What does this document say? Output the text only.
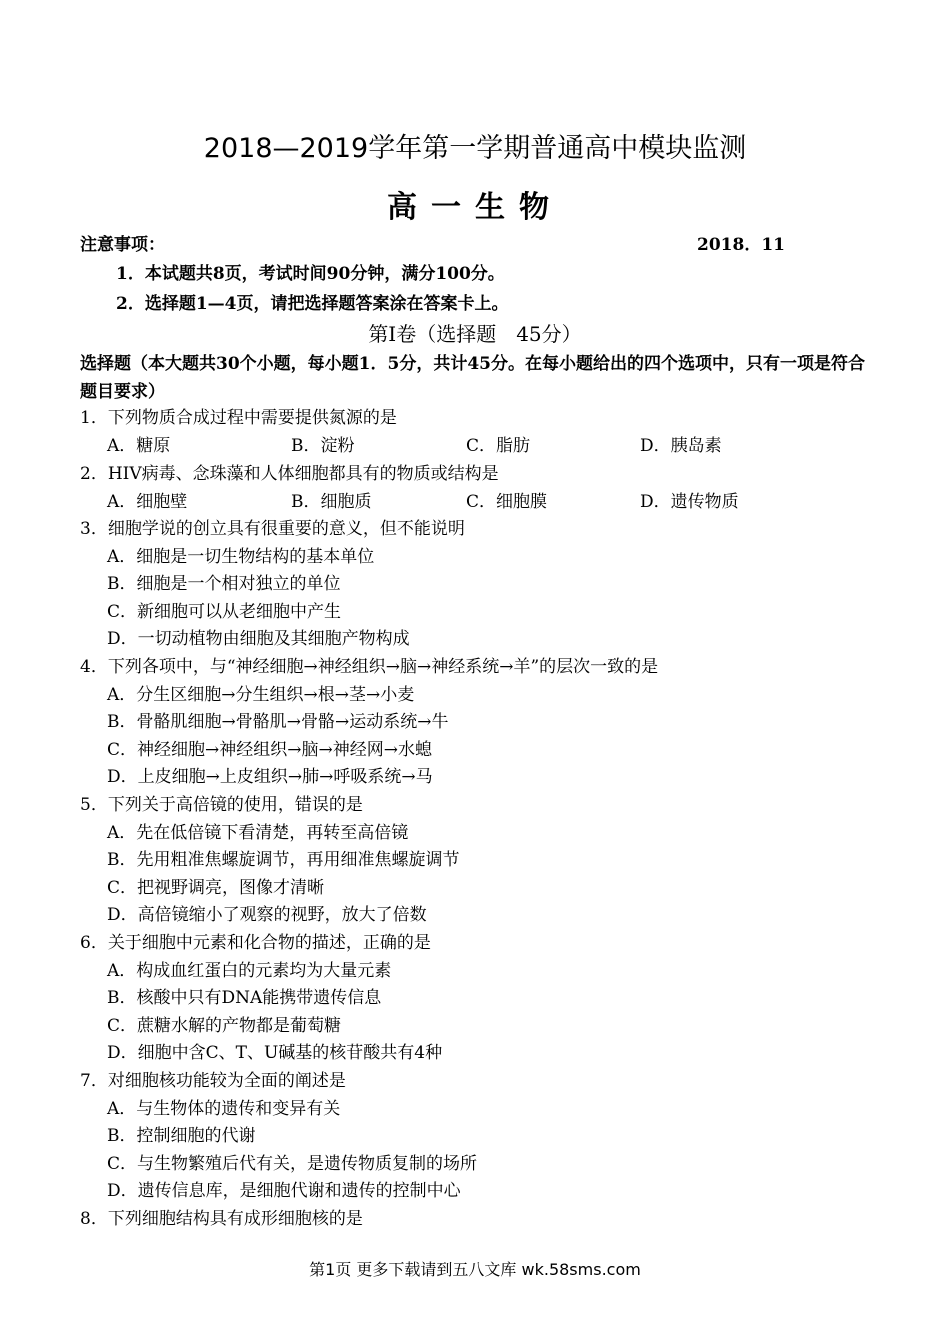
2018—2019学年第一学期普通高中模块监测
高一生物
注意事项：	2018．11
1．本试题共8页，考试时间90分钟，满分100分。
2．选择题1—4页，请把选择题答案涂在答案卡上。
第Ⅰ卷（选择题　45分）
选择题（本大题共30个小题，每小题1．5分，共计45分。在每小题给出的四个选项中，只有一项是符合题目要求）
1．下列物质合成过程中需要提供氮源的是
A．糖原	B．淀粉	C．脂肪	D．胰岛素
2．HIV病毒、念珠藻和人体细胞都具有的物质或结构是
A．细胞壁	B．细胞质	C．细胞膜	D．遗传物质
3．细胞学说的创立具有很重要的意义，但不能说明
A．细胞是一切生物结构的基本单位
B．细胞是一个相对独立的单位
C．新细胞可以从老细胞中产生
D．一切动植物由细胞及其细胞产物构成
4．下列各项中，与“神经细胞→神经组织→脑→神经系统→羊”的层次一致的是
A．分生区细胞→分生组织→根→茎→小麦
B．骨骼肌细胞→骨骼肌→骨骼→运动系统→牛
C．神经细胞→神经组织→脑→神经网→水螅
D．上皮细胞→上皮组织→肺→呼吸系统→马
5．下列关于高倍镜的使用，错误的是
A．先在低倍镜下看清楚，再转至高倍镜
B．先用粗准焦螺旋调节，再用细准焦螺旋调节
C．把视野调亮，图像才清晰
D．高倍镜缩小了观察的视野，放大了倍数
6．关于细胞中元素和化合物的描述，正确的是
A．构成血红蛋白的元素均为大量元素
B．核酸中只有DNA能携带遗传信息
C．蔗糖水解的产物都是葡萄糖
D．细胞中含C、T、U碱基的核苷酸共有4种
7．对细胞核功能较为全面的阐述是
A．与生物体的遗传和变异有关
B．控制细胞的代谢
C．与生物繁殖后代有关，是遗传物质复制的场所
D．遗传信息库，是细胞代谢和遗传的控制中心
8．下列细胞结构具有成形细胞核的是
第1页 更多下载请到五八文库 wk.58sms.com
